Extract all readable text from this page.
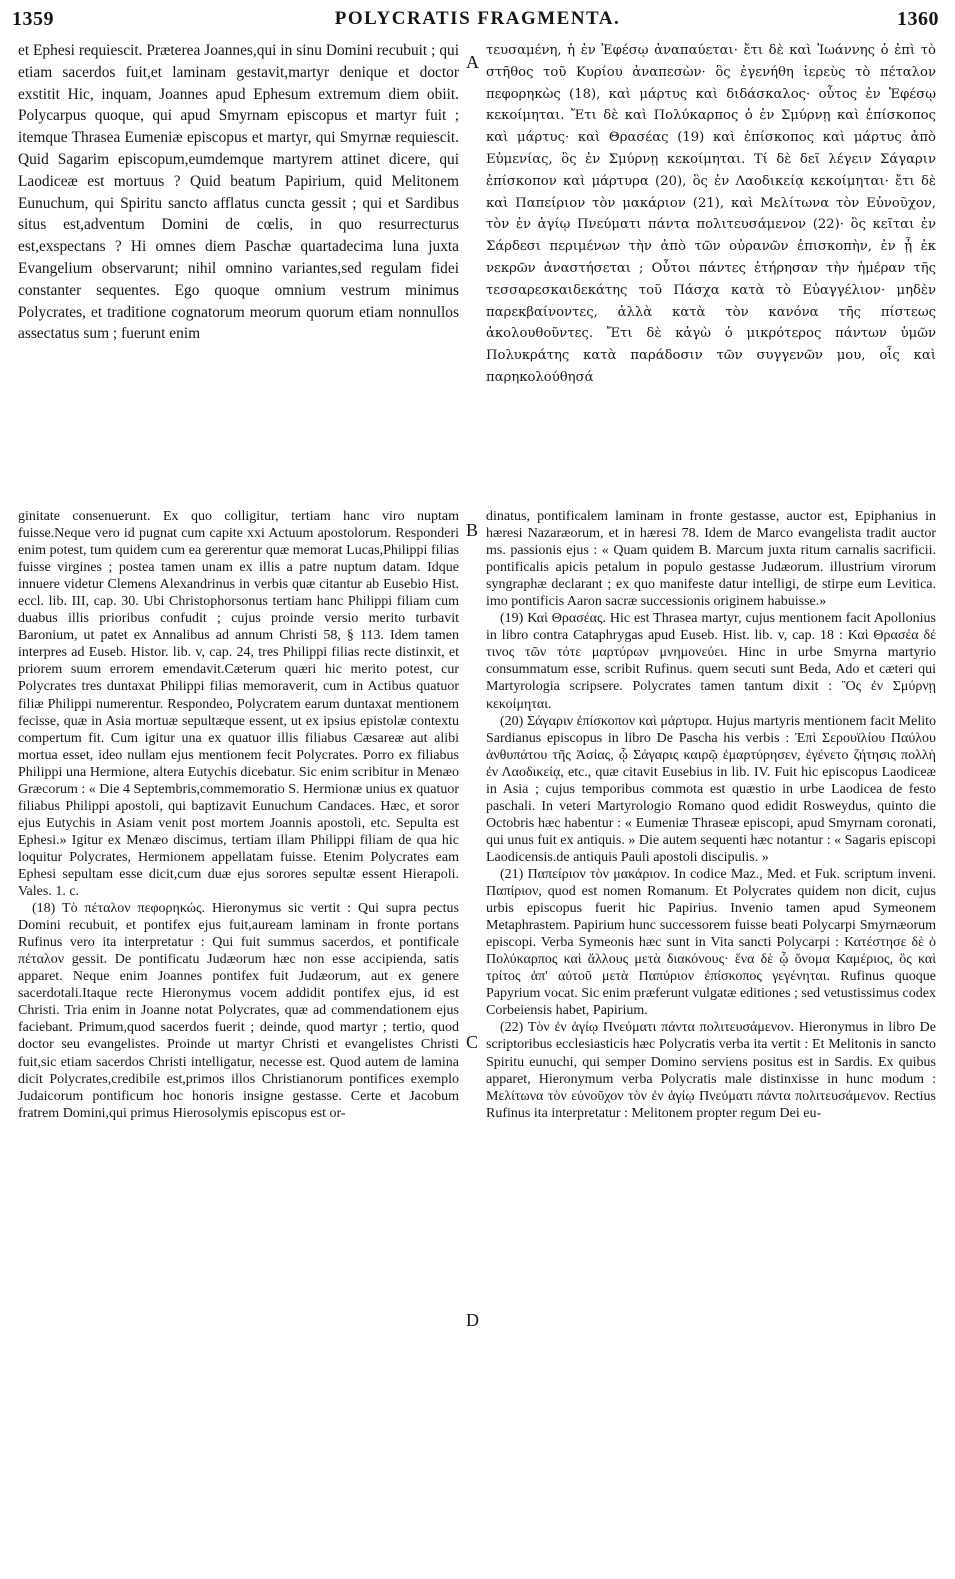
1359	POLYCRATIS FRAGMENTA.	1360

et Ephesi requiescit. Præterea Joannes,qui in sinu Domini recubuit ; qui etiam sacerdos fuit,et laminam gestavit,martyr denique et doctor exstitit Hic, inquam, Joannes apud Ephesum extremum diem obiit. Polycarpus quoque, qui apud Smyrnam episcopus et martyr fuit ; itemque Thrasea Eumeniæ episcopus et martyr, qui Smyrnæ requiescit. Quid Sagarim episcopum,eumdemque martyrem attinet dicere, qui Laodiceæ est mortuus ? Quid beatum Papirium, quid Melitonem Eunuchum, qui Spiritu sancto afflatus cuncta gessit ; qui et Sardibus situs est,adventum Domini de cœlis, in quo resurrecturus est,exspectans ? Hi omnes diem Paschæ quartadecima luna juxta Evangelium observarunt; nihil omnino variantes,sed regulam fidei constanter sequentes. Ego quoque omnium vestrum minimus Polycrates, et traditione cognatorum meorum quorum etiam nonnullos assectatus sum ; fuerunt enim

τευσαμένη, ἡ ἐν Ἐφέσῳ ἀναπαύεται· ἔτι δὲ καὶ Ἰωάννης ὁ ἐπὶ τὸ στῆθος τοῦ Κυρίου ἀναπεσὼν· ὃς ἐγενήθη ἱερεὺς τὸ πέταλον πεφορηκὼς (18), καὶ μάρτυς καὶ διδάσκαλος· οὗτος ἐν Ἐφέσῳ κεκοίμηται. Ἔτι δὲ καὶ Πολύκαρπος ὁ ἐν Σμύρνῃ καὶ ἐπίσκοπος καὶ μάρτυς· καὶ Θρασέας (19) καὶ ἐπίσκοπος καὶ μάρτυς ἀπὸ Εὐμενίας, ὃς ἐν Σμύρνῃ κεκοίμηται. Τί δὲ δεῖ λέγειν Σάγαριν ἐπίσκοπον καὶ μάρτυρα (20), ὃς ἐν Λαοδικείᾳ κεκοίμηται· ἔτι δὲ καὶ Παπείριον τὸν μακάριον (21), καὶ Μελίτωνα τὸν Εὐνοῦχον, τὸν ἐν ἁγίῳ Πνεύματι πάντα πολιτευσάμενον (22)· ὃς κεῖται ἐν Σάρδεσι περιμένων τὴν ἀπὸ τῶν οὐρανῶν ἐπισκοπὴν, ἐν ᾗ ἐκ νεκρῶν ἀναστήσεται ; Οὗτοι πάντες ἐτήρησαν τὴν ἡμέραν τῆς τεσσαρεσκαιδεκάτης τοῦ Πάσχα κατὰ τὸ Εὐαγγέλιον· μηδὲν παρεκβαίνοντες, ἀλλὰ κατὰ τὸν κανόνα τῆς πίστεως ἀκολουθοῦντες. Ἔτι δὲ κἀγὼ ὁ μικρότερος πάντων ὑμῶν Πολυκράτης κατὰ παράδοσιν τῶν συγγενῶν μου, οἷς καὶ παρηκολούθησά

ginitate consenuerunt. Ex quo colligitur, tertiam hanc viro nuptam fuisse.Neque vero id pugnat cum capite xxi Actuum apostolorum. Responderi enim potest, tum quidem cum ea gererentur quæ memorat Lucas,Philippi filias fuisse virgines ; postea tamen unam ex illis a patre nuptum datam. Idque innuere videtur Clemens Alexandrinus in verbis quæ citantur ab Eusebio Hist. eccl. lib. III, cap. 30. Ubi Christophorsonus tertiam hanc Philippi filiam cum duabus illis prioribus confudit ; cujus proinde versio merito turbavit Baronium, ut patet ex Annalibus ad annum Christi 58, § 113. Idem tamen interpres ad Euseb. Histor. lib. v, cap. 24, tres Philippi filias recte distinxit, et priorem suum errorem emendavit.Cæterum quæri hic merito potest, cur Polycrates tres duntaxat Philippi filias memoraverit, cum in Actibus quatuor filiæ Philippi numerentur. Respondeo, Polycratem earum duntaxat mentionem fecisse, quæ in Asia mortuæ sepultæque essent, ut ex ipsius epistolæ contextu compertum fit. Cum igitur una ex quatuor illis filiabus Cæsareæ aut alibi mortua esset, ideo nullam ejus mentionem fecit Polycrates. Porro ex filiabus Philippi una Hermione, altera Eutychis dicebatur. Sic enim scribitur in Menæo Græcorum : « Die 4 Septembris,commemoratio S. Hermionæ unius ex quatuor filiabus Philippi apostoli, qui baptizavit Eunuchum Candaces. Hæc, et soror ejus Eutychis in Asiam venit post mortem Joannis apostoli, etc. Sepulta est Ephesi.» Igitur ex Menæo discimus, tertiam illam Philippi filiam de qua hic loquitur Polycrates, Hermionem appellatam fuisse. Etenim Polycrates eam Ephesi sepultam esse dicit,cum duæ ejus sorores sepultæ essent Hierapoli. Vales. 1. c.

(18) Τὸ πέταλον πεφορηκώς. Hieronymus sic vertit : Qui supra pectus Domini recubuit, et pontifex ejus fuit,auream laminam in fronte portans Rufinus vero ita interpretatur : Qui fuit summus sacerdos, et pontificale πέταλον gessit. De pontificatu Judæorum hæc non esse accipienda, satis apparet. Neque enim Joannes pontifex fuit Judæorum, aut ex genere sacerdotali.Itaque recte Hieronymus vocem addidit pontifex ejus, id est Christi. Tria enim in Joanne notat Polycrates, quæ ad commendationem ejus faciebant. Primum,quod sacerdos fuerit ; deinde, quod martyr ; tertio, quod doctor seu evangelistes. Proinde ut martyr Christi et evangelistes Christi fuit,sic etiam sacerdos Christi intelligatur, necesse est. Quod autem de lamina dicit Polycrates,credibile est,primos illos Christianorum pontifices exemplo Judaicorum pontificum hoc honoris insigne gestasse. Certe et Jacobum fratrem Domini,qui primus Hierosolymis episcopus est or-

dinatus, pontificalem laminam in fronte gestasse, auctor est, Epiphanius in hæresi Nazaræorum, et in hæresi 78. Idem de Marco evangelista tradit auctor ms. passionis ejus : « Quam quidem B. Marcum juxta ritum carnalis sacrificii. pontificalis apicis petalum in populo gestasse Judæorum. illustrium virorum syngraphæ declarant ; ex quo manifeste datur intelligi, de stirpe eum Levitica. imo pontificis Aaron sacræ successionis originem habuisse.»

(19) Καὶ Θρασέας. Hic est Thrasea martyr, cujus mentionem facit Apollonius in libro contra Cataphrygas apud Euseb. Hist. lib. v, cap. 18 : Καὶ Θρασέα δέ τινος τῶν τότε μαρτύρων μνημονεύει. Hinc in urbe Smyrna martyrio consummatum esse, scribit Rufinus. quem secuti sunt Beda, Ado et cæteri qui Martyrologia scripsere. Polycrates tamen tantum dixit : Ὃς ἐν Σμύρνῃ κεκοίμηται.

(20) Σάγαριν ἐπίσκοπον καὶ μάρτυρα. Hujus martyris mentionem facit Melito Sardianus episcopus in libro De Pascha his verbis : Ἐπὶ Σερουϊλίου Παύλου ἀνθυπάτου τῆς Ἀσίας, ᾧ Σάγαρις καιρῷ ἐμαρτύρησεν, ἐγένετο ζήτησις πολλὴ ἐν Λαοδικείᾳ, etc., quæ citavit Eusebius in lib. IV. Fuit hic episcopus Laodiceæ in Asia ; cujus temporibus commota est quæstio in urbe Laodicea de festo paschali. In veteri Martyrologio Romano quod edidit Rosweydus, quinto die Octobris hæc habentur : « Eumeniæ Thraseæ episcopi, apud Smyrnam coronati, qui unus fuit ex antiquis. » Die autem sequenti hæc notantur : « Sagaris episcopi Laodicensis.de antiquis Pauli apostoli discipulis. »

(21) Παπείριον τὸν μακάριον. In codice Maz., Med. et Fuk. scriptum inveni. Παπίριον, quod est nomen Romanum. Et Polycrates quidem non dicit, cujus urbis episcopus fuerit hic Papirius. Invenio tamen apud Symeonem Metaphrastem. Papirium hunc successorem fuisse beati Polycarpi Smyrnæorum episcopi. Verba Symeonis hæc sunt in Vita sancti Polycarpi : Κατέστησε δὲ ὁ Πολύκαρπος καὶ ἄλλους μετὰ διακόνους· ἕνα δὲ ᾧ ὄνομα Καμέριος, ὃς καὶ τρίτος ἀπ' αὐτοῦ μετὰ Παπύριον ἐπίσκοπος γεγένηται. Rufinus quoque Papyrium vocat. Sic enim præferunt vulgatæ editiones ; sed vetustissimus codex Corbeiensis habet, Papirium.

(22) Τὸν ἐν ἁγίῳ Πνεύματι πάντα πολιτευσάμενον. Hieronymus in libro De scriptoribus ecclesiasticis hæc Polycratis verba ita vertit : Et Melitonis in sancto Spiritu eunuchi, qui semper Domino serviens positus est in Sardis. Ex quibus apparet, Hieronymum verba Polycratis male distinxisse in hunc modum : Μελίτωνα τὸν εὐνοῦχον τὸν ἐν ἁγίῳ Πνεύματι πάντα πολιτευσάμενον. Rectius Rufinus ita interpretatur : Melitonem propter regum Dei eu-

A
B
C
D
